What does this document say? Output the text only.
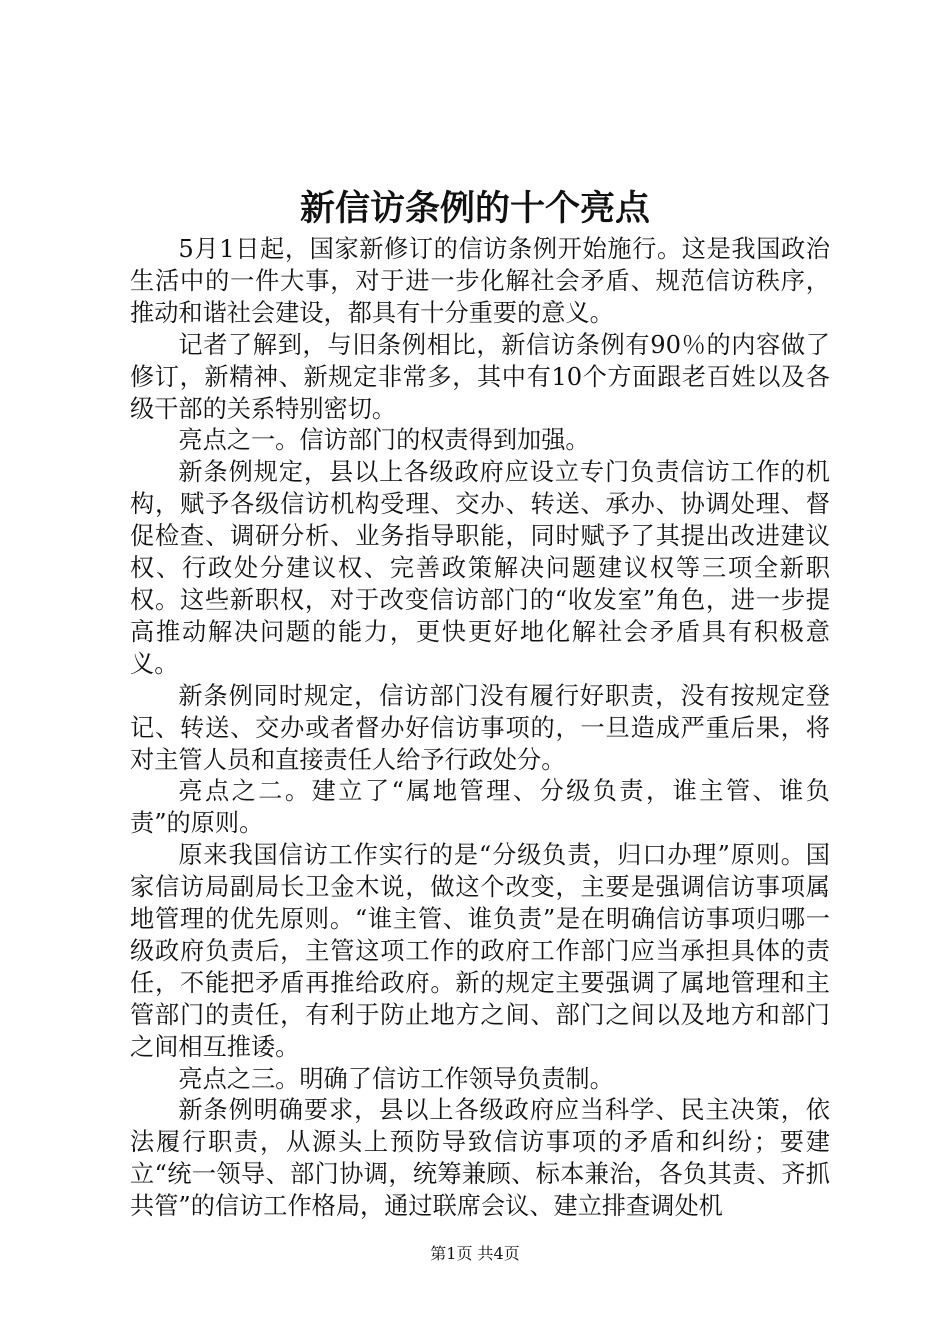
新信访条例的十个亮点

5月1日起，国家新修订的信访条例开始施行。这是我国政治生活中的一件大事，对于进一步化解社会矛盾、规范信访秩序，推动和谐社会建设，都具有十分重要的意义。

记者了解到，与旧条例相比，新信访条例有90％的内容做了修订，新精神、新规定非常多，其中有10个方面跟老百姓以及各级干部的关系特别密切。

亮点之一。信访部门的权责得到加强。

新条例规定，县以上各级政府应设立专门负责信访工作的机构，赋予各级信访机构受理、交办、转送、承办、协调处理、督促检查、调研分析、业务指导职能，同时赋予了其提出改进建议权、行政处分建议权、完善政策解决问题建议权等三项全新职权。这些新职权，对于改变信访部门的“收发室”角色，进一步提高推动解决问题的能力，更快更好地化解社会矛盾具有积极意义。

新条例同时规定，信访部门没有履行好职责，没有按规定登记、转送、交办或者督办好信访事项的，一旦造成严重后果，将对主管人员和直接责任人给予行政处分。

亮点之二。建立了“属地管理、分级负责，谁主管、谁负责”的原则。

原来我国信访工作实行的是“分级负责，归口办理”原则。国家信访局副局长卫金木说，做这个改变，主要是强调信访事项属地管理的优先原则。“谁主管、谁负责”是在明确信访事项归哪一级政府负责后，主管这项工作的政府工作部门应当承担具体的责任，不能把矛盾再推给政府。新的规定主要强调了属地管理和主管部门的责任，有利于防止地方之间、部门之间以及地方和部门之间相互推诿。

亮点之三。明确了信访工作领导负责制。

新条例明确要求，县以上各级政府应当科学、民主决策，依法履行职责，从源头上预防导致信访事项的矛盾和纠纷；要建立“统一领导、部门协调，统筹兼顾、标本兼治，各负其责、齐抓共管”的信访工作格局，通过联席会议、建立排查调处机

第1页 共4页
